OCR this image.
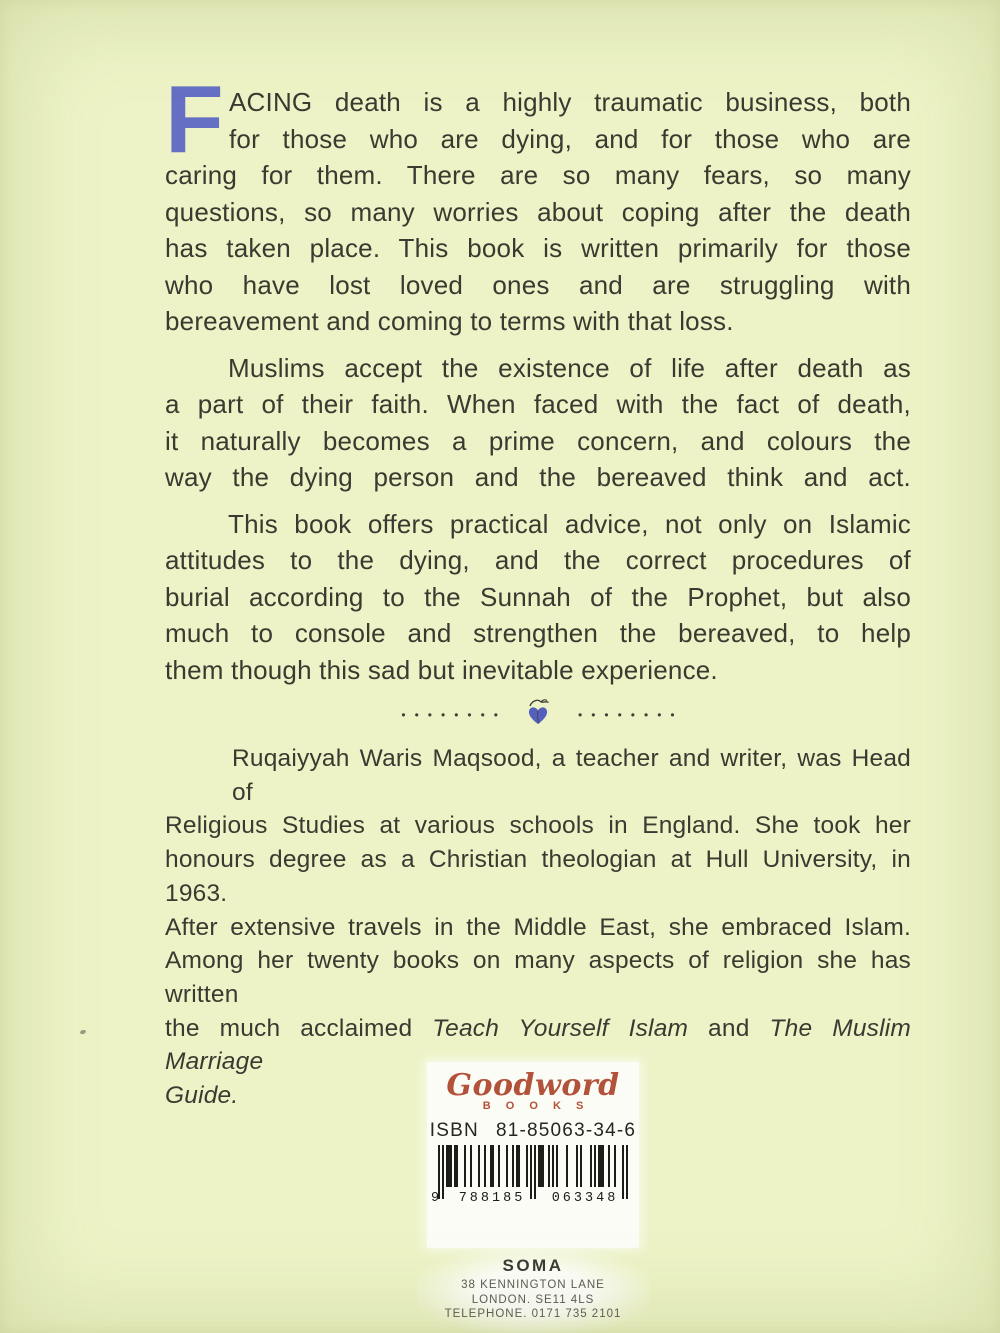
F ACING death is a highly traumatic business, both
for those who are dying, and for those who are
caring for them. There are so many fears, so many
questions, so many worries about coping after the death
has taken place. This book is written primarily for those
who have lost loved ones and are struggling with
bereavement and coming to terms with that loss.
Muslims accept the existence of life after death as
a part of their faith. When faced with the fact of death,
it naturally becomes a prime concern, and colours the
way the dying person and the bereaved think and act.
This book offers practical advice, not only on Islamic
attitudes to the dying, and the correct procedures of
burial according to the Sunnah of the Prophet, but also
much to console and strengthen the bereaved, to help
them though this sad but inevitable experience.
••••••••	••••••••
Ruqaiyyah Waris Maqsood, a teacher and writer, was Head of
Religious Studies at various schools in England. She took her
honours degree as a Christian theologian at Hull University, in 1963.
After extensive travels in the Middle East, she embraced Islam.
Among her twenty books on many aspects of religion she has written
the much acclaimed Teach Yourself Islam and The Muslim Marriage
Guide.	Goodword
B O O K S
ISBN 81-85063-34-6
9 788185 063348
SOMA
38 KENNINGTON LANE
LONDON. SE11 4LS
TELEPHONE. 0171 735 2101
